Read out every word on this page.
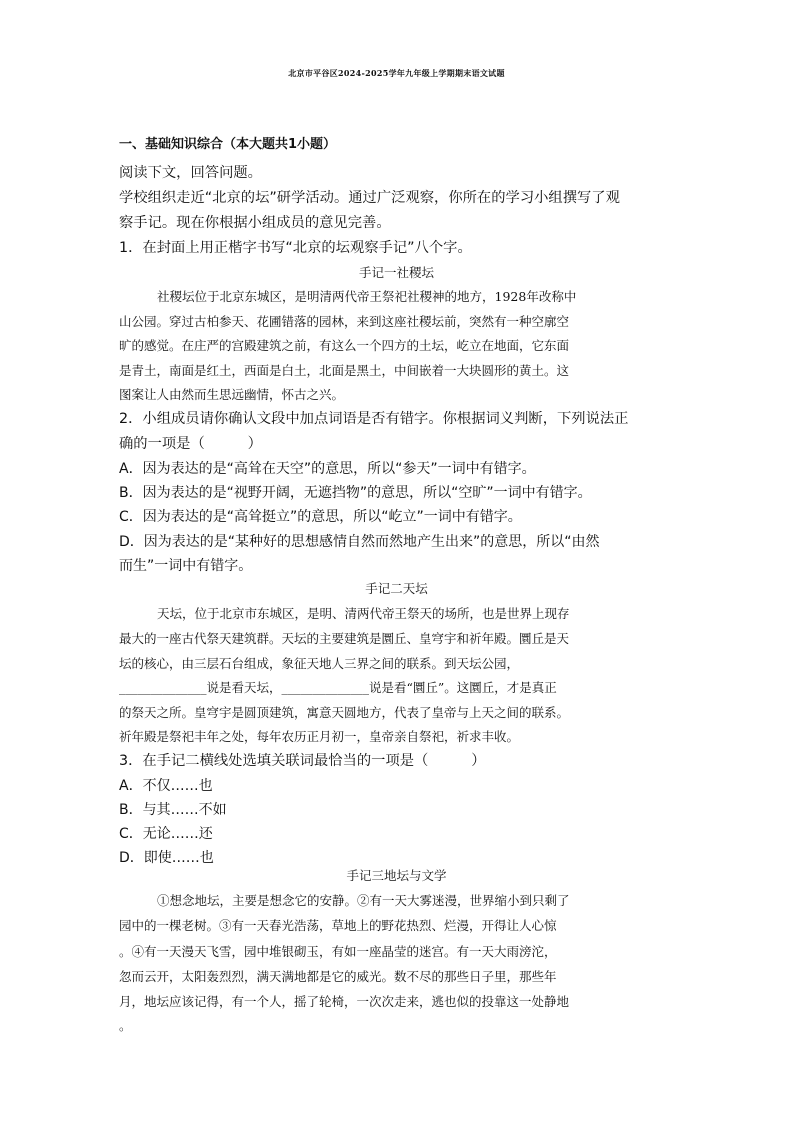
北京市平谷区2024-2025学年九年级上学期期末语文试题
一、基础知识综合（本大题共1小题）
阅读下文，回答问题。
学校组织走近“北京的坛”研学活动。通过广泛观察，你所在的学习小组撰写了观
察手记。现在你根据小组成员的意见完善。
1．在封面上用正楷字书写“北京的坛观察手记”八个字。
手记一社稷坛
社稷坛位于北京东城区，是明清两代帝王祭祀社稷神的地方，1928年改称中
山公园。穿过古柏参天、花圃错落的园林，来到这座社稷坛前，突然有一种空廓空
旷的感觉。在庄严的宫殿建筑之前，有这么一个四方的土坛，屹立在地面，它东面
是青土，南面是红土，西面是白土，北面是黑土，中间嵌着一大块圆形的黄土。这
图案让人由然而生思远幽情，怀古之兴。
2．小组成员请你确认文段中加点词语是否有错字。你根据词义判断，下列说法正
确的一项是（　　　）
A．因为表达的是“高耸在天空”的意思，所以“参天”一词中有错字。
B．因为表达的是“视野开阔，无遮挡物”的意思，所以“空旷”一词中有错字。
C．因为表达的是“高耸挺立”的意思，所以“屹立”一词中有错字。
D．因为表达的是“某种好的思想感情自然而然地产生出来”的意思，所以“由然
而生”一词中有错字。
手记二天坛
天坛，位于北京市东城区，是明、清两代帝王祭天的场所，也是世界上现存
最大的一座古代祭天建筑群。天坛的主要建筑是圜丘、皇穹宇和祈年殿。圜丘是天
坛的核心，由三层石台组成，象征天地人三界之间的联系。到天坛公园，
______________说是看天坛，______________说是看“圜丘”。这圜丘，才是真正
的祭天之所。皇穹宇是圆顶建筑，寓意天圆地方，代表了皇帝与上天之间的联系。
祈年殿是祭祀丰年之处，每年农历正月初一，皇帝亲自祭祀，祈求丰收。
3．在手记二横线处选填关联词最恰当的一项是（　　　）
A．不仅……也
B．与其……不如
C．无论……还
D．即使……也
手记三地坛与文学
①想念地坛，主要是想念它的安静。②有一天大雾迷漫，世界缩小到只剩了
园中的一棵老树。③有一天春光浩荡，草地上的野花热烈、烂漫，开得让人心惊
。④有一天漫天飞雪，园中堆银砌玉，有如一座晶莹的迷宫。有一天大雨滂沱，
忽而云开，太阳轰烈烈，满天满地都是它的威光。数不尽的那些日子里，那些年
月，地坛应该记得，有一个人，摇了轮椅，一次次走来，逃也似的投靠这一处静地
。
